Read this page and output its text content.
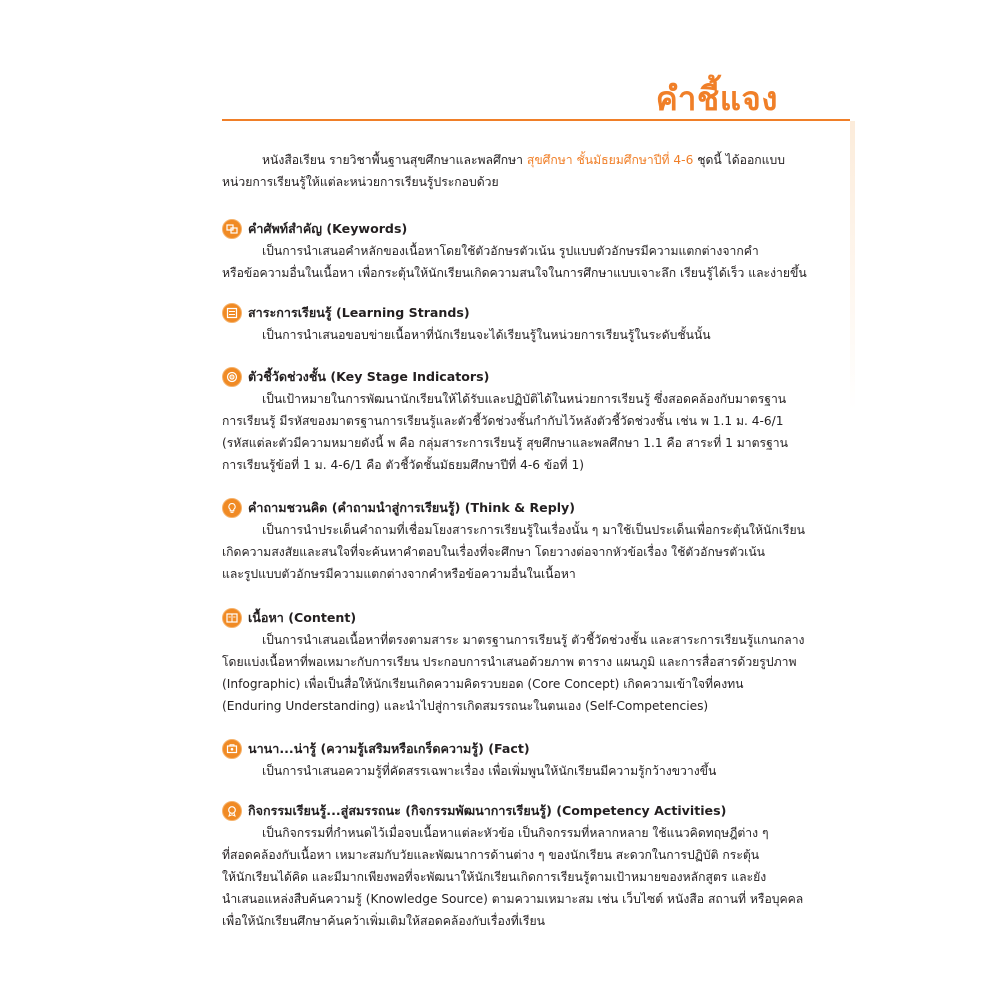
คำชี้แจง
หนังสือเรียน รายวิชาพื้นฐานสุขศึกษาและพลศึกษา สุขศึกษา ชั้นมัธยมศึกษาปีที่ 4-6 ชุดนี้ ได้ออกแบบ
หน่วยการเรียนรู้ให้แต่ละหน่วยการเรียนรู้ประกอบด้วย
คำศัพท์สำคัญ (Keywords)
เป็นการนำเสนอคำหลักของเนื้อหาโดยใช้ตัวอักษรตัวเน้น รูปแบบตัวอักษรมีความแตกต่างจากคำ
หรือข้อความอื่นในเนื้อหา เพื่อกระตุ้นให้นักเรียนเกิดความสนใจในการศึกษาแบบเจาะลึก เรียนรู้ได้เร็ว และง่ายขึ้น
สาระการเรียนรู้ (Learning Strands)
เป็นการนำเสนอขอบข่ายเนื้อหาที่นักเรียนจะได้เรียนรู้ในหน่วยการเรียนรู้ในระดับชั้นนั้น
ตัวชี้วัดช่วงชั้น (Key Stage Indicators)
เป็นเป้าหมายในการพัฒนานักเรียนให้ได้รับและปฏิบัติได้ในหน่วยการเรียนรู้ ซึ่งสอดคล้องกับมาตรฐาน
การเรียนรู้ มีรหัสของมาตรฐานการเรียนรู้และตัวชี้วัดช่วงชั้นกำกับไว้หลังตัวชี้วัดช่วงชั้น เช่น พ 1.1 ม. 4-6/1
(รหัสแต่ละตัวมีความหมายดังนี้ พ คือ กลุ่มสาระการเรียนรู้ สุขศึกษาและพลศึกษา 1.1 คือ สาระที่ 1 มาตรฐาน
การเรียนรู้ข้อที่ 1 ม. 4-6/1 คือ ตัวชี้วัดชั้นมัธยมศึกษาปีที่ 4-6 ข้อที่ 1)
คำถามชวนคิด (คำถามนำสู่การเรียนรู้) (Think & Reply)
เป็นการนำประเด็นคำถามที่เชื่อมโยงสาระการเรียนรู้ในเรื่องนั้น ๆ มาใช้เป็นประเด็นเพื่อกระตุ้นให้นักเรียน
เกิดความสงสัยและสนใจที่จะค้นหาคำตอบในเรื่องที่จะศึกษา โดยวางต่อจากหัวข้อเรื่อง ใช้ตัวอักษรตัวเน้น
และรูปแบบตัวอักษรมีความแตกต่างจากคำหรือข้อความอื่นในเนื้อหา
เนื้อหา (Content)
เป็นการนำเสนอเนื้อหาที่ตรงตามสาระ มาตรฐานการเรียนรู้ ตัวชี้วัดช่วงชั้น และสาระการเรียนรู้แกนกลาง
โดยแบ่งเนื้อหาที่พอเหมาะกับการเรียน ประกอบการนำเสนอด้วยภาพ ตาราง แผนภูมิ และการสื่อสารด้วยรูปภาพ
(Infographic) เพื่อเป็นสื่อให้นักเรียนเกิดความคิดรวบยอด (Core Concept) เกิดความเข้าใจที่คงทน
(Enduring Understanding) และนำไปสู่การเกิดสมรรถนะในตนเอง (Self-Competencies)
นานา...น่ารู้ (ความรู้เสริมหรือเกร็ดความรู้) (Fact)
เป็นการนำเสนอความรู้ที่คัดสรรเฉพาะเรื่อง เพื่อเพิ่มพูนให้นักเรียนมีความรู้กว้างขวางขึ้น
กิจกรรมเรียนรู้...สู่สมรรถนะ (กิจกรรมพัฒนาการเรียนรู้) (Competency Activities)
เป็นกิจกรรมที่กำหนดไว้เมื่อจบเนื้อหาแต่ละหัวข้อ เป็นกิจกรรมที่หลากหลาย ใช้แนวคิดทฤษฎีต่าง ๆ
ที่สอดคล้องกับเนื้อหา เหมาะสมกับวัยและพัฒนาการด้านต่าง ๆ ของนักเรียน สะดวกในการปฏิบัติ กระตุ้น
ให้นักเรียนได้คิด และมีมากเพียงพอที่จะพัฒนาให้นักเรียนเกิดการเรียนรู้ตามเป้าหมายของหลักสูตร และยัง
นำเสนอแหล่งสืบค้นความรู้ (Knowledge Source) ตามความเหมาะสม เช่น เว็บไซต์ หนังสือ สถานที่ หรือบุคคล
เพื่อให้นักเรียนศึกษาค้นคว้าเพิ่มเติมให้สอดคล้องกับเรื่องที่เรียน
